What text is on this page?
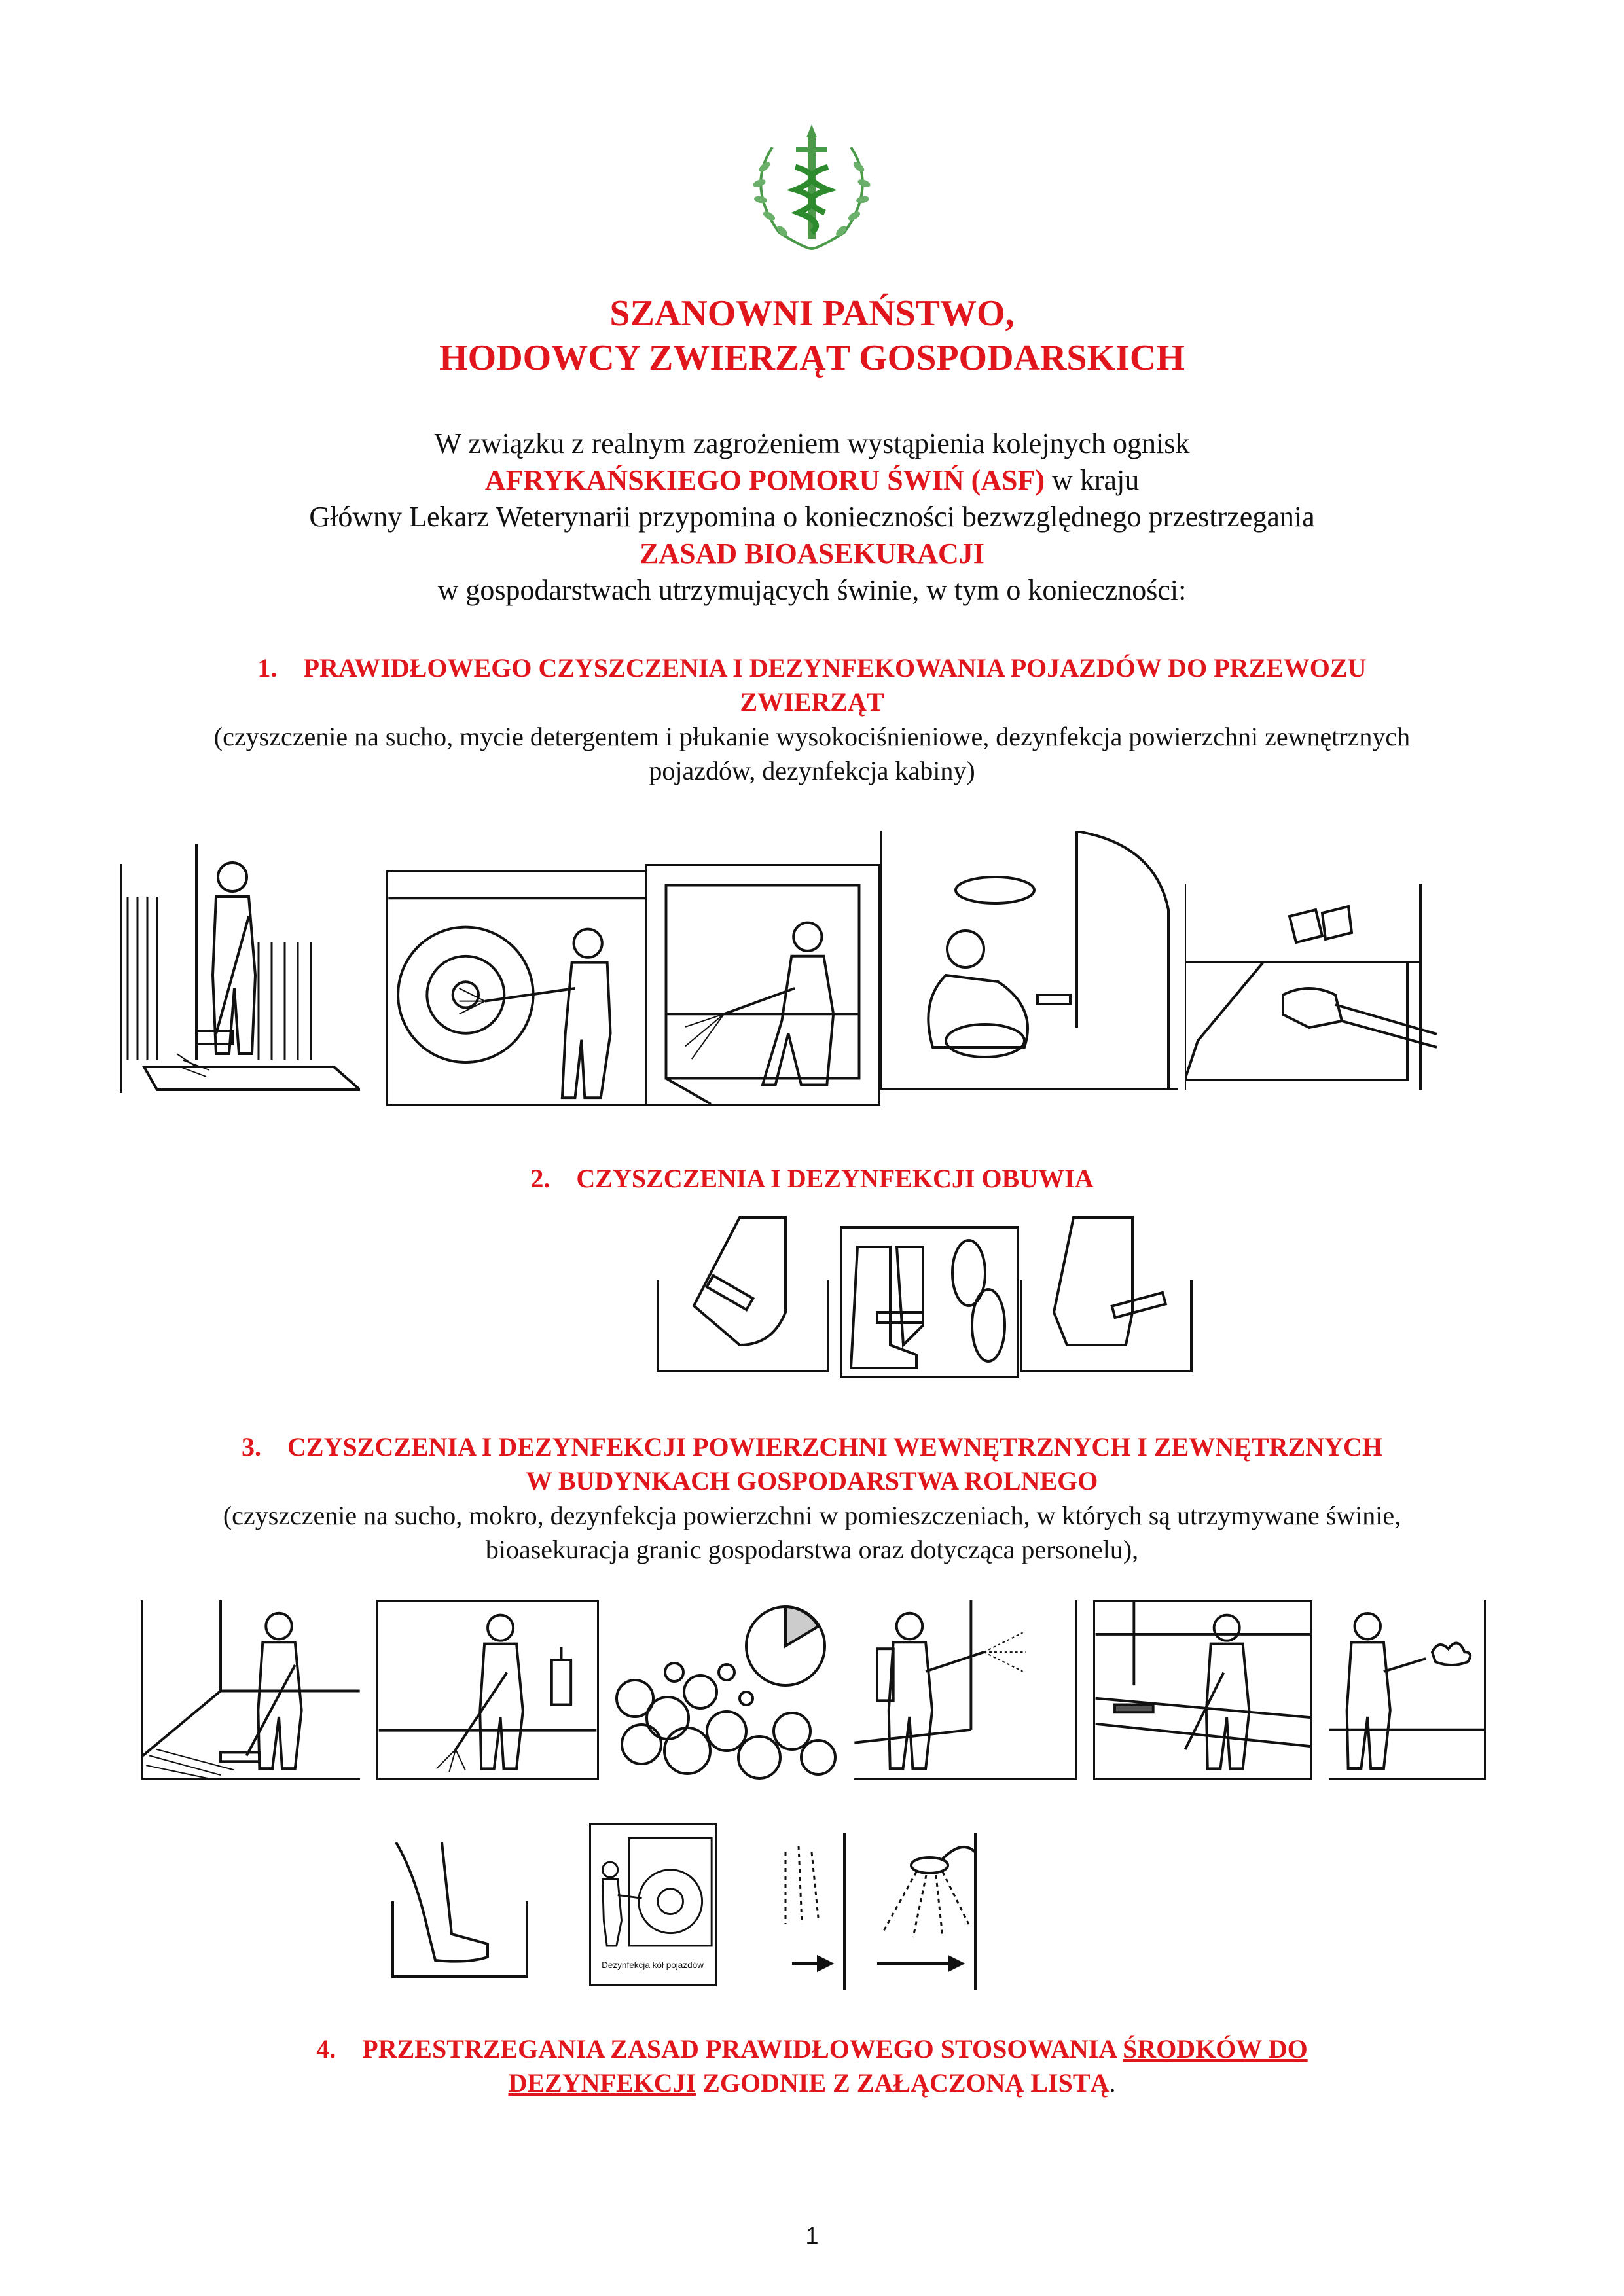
SZANOWNI PAŃSTWO,
HODOWCY ZWIERZĄT GOSPODARSKICH
W związku z realnym zagrożeniem wystąpienia kolejnych ognisk
AFRYKAŃSKIEGO POMORU ŚWIŃ (ASF) w kraju
Główny Lekarz Weterynarii przypomina o konieczności bezwzględnego przestrzegania
ZASAD BIOASEKURACJI
w gospodarstwach utrzymujących świnie, w tym o konieczności:
1. PRAWIDŁOWEGO CZYSZCZENIA I DEZYNFEKOWANIA POJAZDÓW DO PRZEWOZU
ZWIERZĄT
(czyszczenie na sucho, mycie detergentem i płukanie wysokociśnieniowe, dezynfekcja powierzchni zewnętrznych
pojazdów, dezynfekcja kabiny)
2. CZYSZCZENIA I DEZYNFEKCJI OBUWIA
3. CZYSZCZENIA I DEZYNFEKCJI POWIERZCHNI WEWNĘTRZNYCH I ZEWNĘTRZNYCH
W BUDYNKACH GOSPODARSTWA ROLNEGO
(czyszczenie na sucho, mokro, dezynfekcja powierzchni w pomieszczeniach, w których są utrzymywane świnie,
bioasekuracja granic gospodarstwa oraz dotycząca personelu),
Dezynfekcja kół pojazdów
4. PRZESTRZEGANIA ZASAD PRAWIDŁOWEGO STOSOWANIA ŚRODKÓW DO
DEZYNFEKCJI ZGODNIE Z ZAŁĄCZONĄ LISTĄ.
1
